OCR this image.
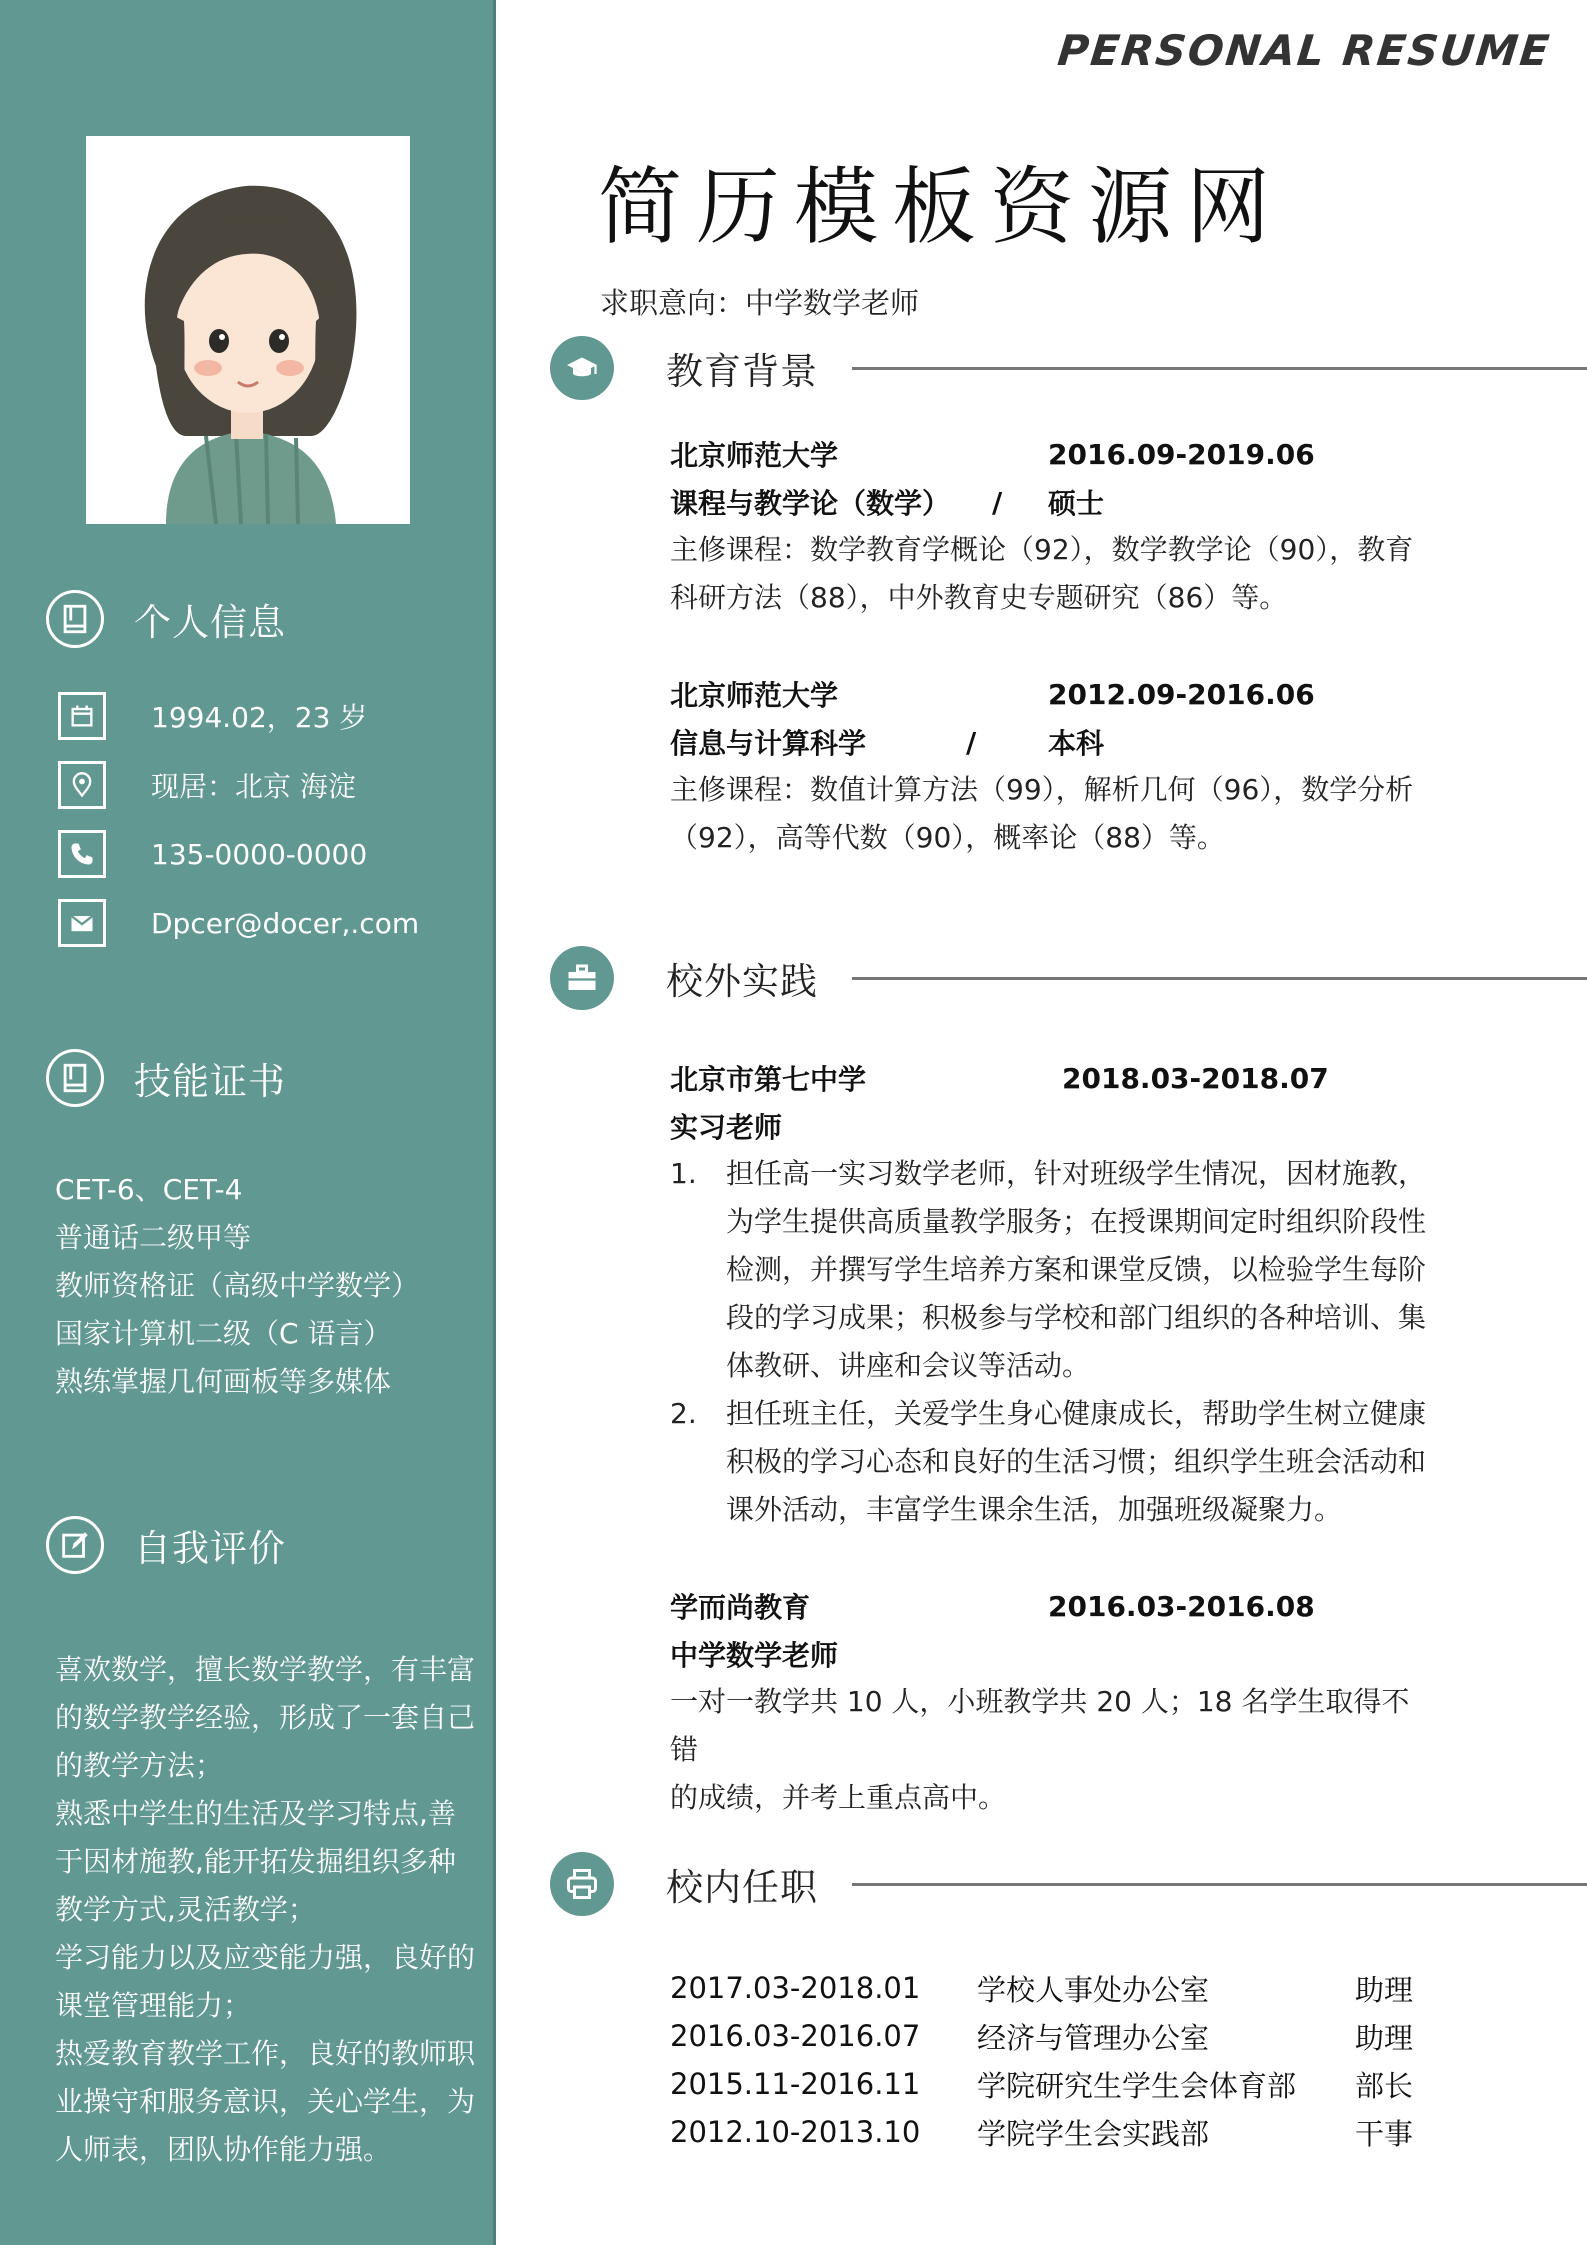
个人信息
1994.02，23 岁
现居：北京 海淀
135-0000-0000
Dpcer@docer,.com
技能证书
CET-6、CET-4
普通话二级甲等
教师资格证（高级中学数学）
国家计算机二级（C 语言）
熟练掌握几何画板等多媒体
自我评价
喜欢数学，擅长数学教学，有丰富
的数学教学经验，形成了一套自己
的教学方法；
熟悉中学生的生活及学习特点,善
于因材施教,能开拓发掘组织多种
教学方式,灵活教学；
学习能力以及应变能力强，良好的
课堂管理能力；
热爱教育教学工作，良好的教师职
业操守和服务意识，关心学生，为
人师表，团队协作能力强。
PERSONAL RESUME
简历模板资源网
求职意向：中学数学老师
教育背景
北京师范大学	2016.09-2019.06
课程与教学论（数学）	/	硕士
主修课程：数学教育学概论（92），数学教学论（90），教育
科研方法（88），中外教育史专题研究（86）等。
北京师范大学	2012.09-2016.06
信息与计算科学	/	本科
主修课程：数值计算方法（99），解析几何（96），数学分析
（92），高等代数（90），概率论（88）等。
校外实践
北京市第七中学	2018.03-2018.07
实习老师
1.	担任高一实习数学老师，针对班级学生情况，因材施教，
为学生提供高质量教学服务；在授课期间定时组织阶段性
检测，并撰写学生培养方案和课堂反馈，以检验学生每阶
段的学习成果；积极参与学校和部门组织的各种培训、集
体教研、讲座和会议等活动。
2.	担任班主任，关爱学生身心健康成长，帮助学生树立健康
积极的学习心态和良好的生活习惯；组织学生班会活动和
课外活动，丰富学生课余生活，加强班级凝聚力。
学而尚教育	2016.03-2016.08
中学数学老师
一对一教学共 10 人，小班教学共 20 人；18 名学生取得不错
的成绩，并考上重点高中。
校内任职
2017.03-2018.01	学校人事处办公室	助理
2016.03-2016.07	经济与管理办公室	助理
2015.11-2016.11	学院研究生学生会体育部	部长
2012.10-2013.10	学院学生会实践部	干事
